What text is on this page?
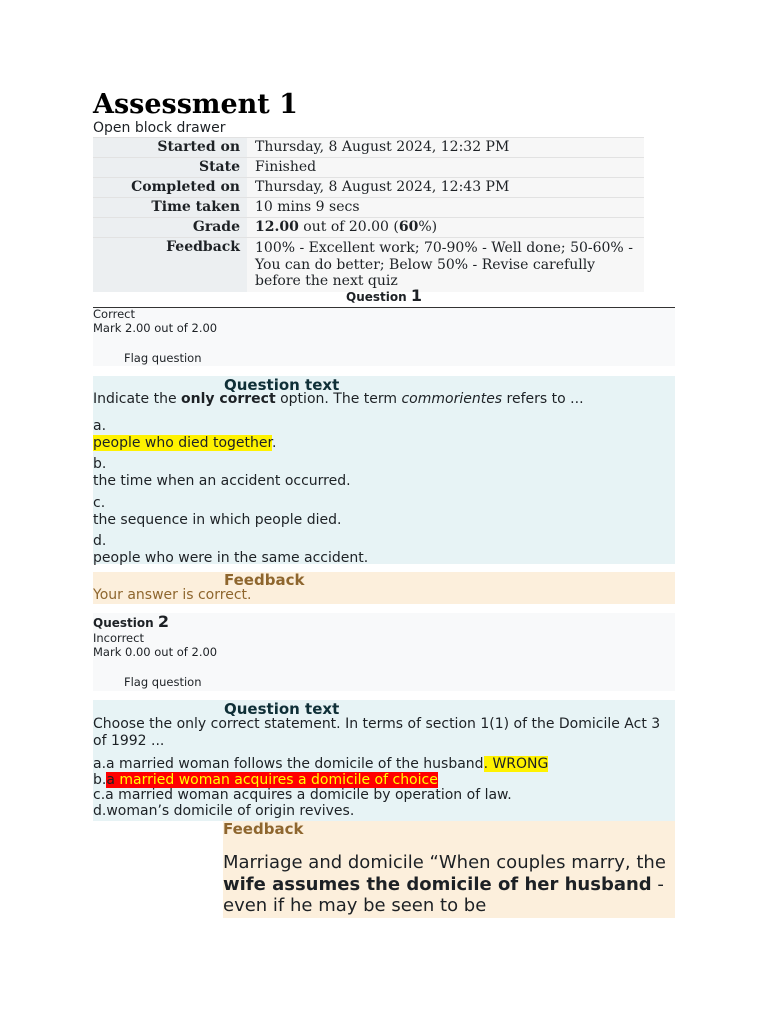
Assessment 1
Open block drawer
Started on	Thursday, 8 August 2024, 12:32 PM
State	Finished
Completed on	Thursday, 8 August 2024, 12:43 PM
Time taken	10 mins 9 secs
Grade	12.00 out of 20.00 (60%)
Feedback	100% - Excellent work; 70-90% - Well done; 50-60% - You can do better; Below 50% - Revise carefully before the next quiz
Question 1
Correct
Mark 2.00 out of 2.00
Flag question
Question text
Indicate the only correct option. The term commorientes refers to ...
a.
people who died together.
b.
the time when an accident occurred.
c.
the sequence in which people died.
d.
people who were in the same accident.
Feedback
Your answer is correct.
Question 2
Incorrect
Mark 0.00 out of 2.00
Flag question
Question text
Choose the only correct statement. In terms of section 1(1) of the Domicile Act 3 of 1992 ...
a.a married woman follows the domicile of the husband. WRONG
b.a married woman acquires a domicile of choice
c.a married woman acquires a domicile by operation of law.
d.woman’s domicile of origin revives.
Feedback
Marriage and domicile “When couples marry, the wife assumes the domicile of her husband - even if he may be seen to be
